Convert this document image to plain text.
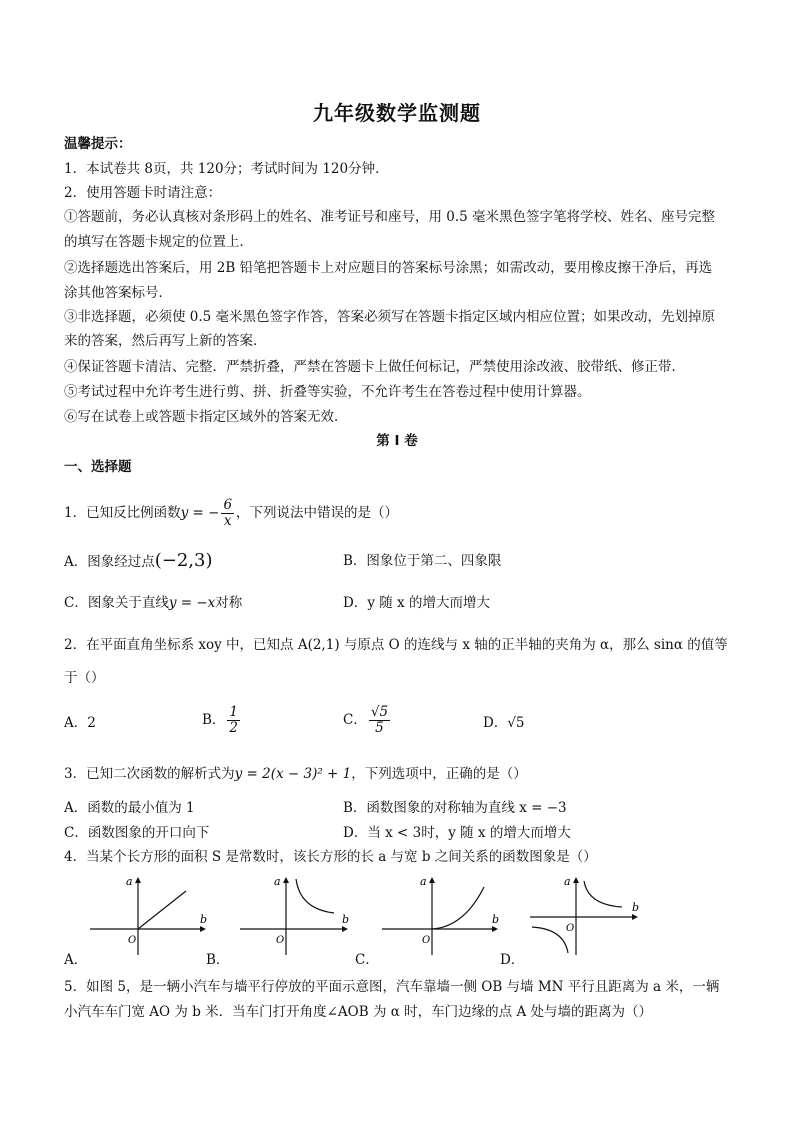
九年级数学监测题
温馨提示：
1．本试卷共 8页，共 120分；考试时间为 120分钟．
2．使用答题卡时请注意：
①答题前，务必认真核对条形码上的姓名、准考证号和座号，用 0.5 毫米黑色签字笔将学校、姓名、座号完整
的填写在答题卡规定的位置上．
②选择题选出答案后，用 2B 铅笔把答题卡上对应题目的答案标号涂黑；如需改动，要用橡皮擦干净后，再选
涂其他答案标号．
③非选择题，必须使 0.5 毫米黑色签字作答，答案必须写在答题卡指定区域内相应位置；如果改动，先划掉原
来的答案，然后再写上新的答案．
④保证答题卡清洁、完整．严禁折叠，严禁在答题卡上做任何标记，严禁使用涂改液、胶带纸、修正带．
⑤考试过程中允许考生进行剪、拼、折叠等实验，不允许考生在答卷过程中使用计算器。
⑥写在试卷上或答题卡指定区域外的答案无效．
第 I 卷
一、选择题
1．已知反比例函数y = − $\frac{6}{x}$ ，下列说法中错误的是（）
A．图象经过点(−2,3)	B．图象位于第二、四象限
C．图象关于直线y = −x对称	D．y 随 x 的增大而增大
2．在平面直角坐标系 xoy 中，已知点 A(2,1) 与原点 O 的连线与 x 轴的正半轴的夹角为 α，那么 sinα 的值等
于（）
A．2	B． $\frac{1}{2}$	C． $\frac{√5}{5}$	D．√5
3．已知二次函数的解析式为y = 2(x − 3)² + 1，下列选项中，正确的是（）
A．函数的最小值为 1	B．函数图象的对称轴为直线 x = −3
C．函数图象的开口向下	D．当 x < 3时，y 随 x 的增大而增大
4．当某个长方形的面积 S 是常数时，该长方形的长 a 与宽 b 之间关系的函数图象是（）
a
b
O
A．
a
b
O
B．
a
b
O
C．
a
b
O
D．
5．如图 5，是一辆小汽车与墙平行停放的平面示意图，汽车靠墙一侧 OB 与墙 MN 平行且距离为 a 米，一辆
小汽车车门宽 AO 为 b 米．当车门打开角度∠AOB 为 α 时，车门边缘的点 A 处与墙的距离为（）
